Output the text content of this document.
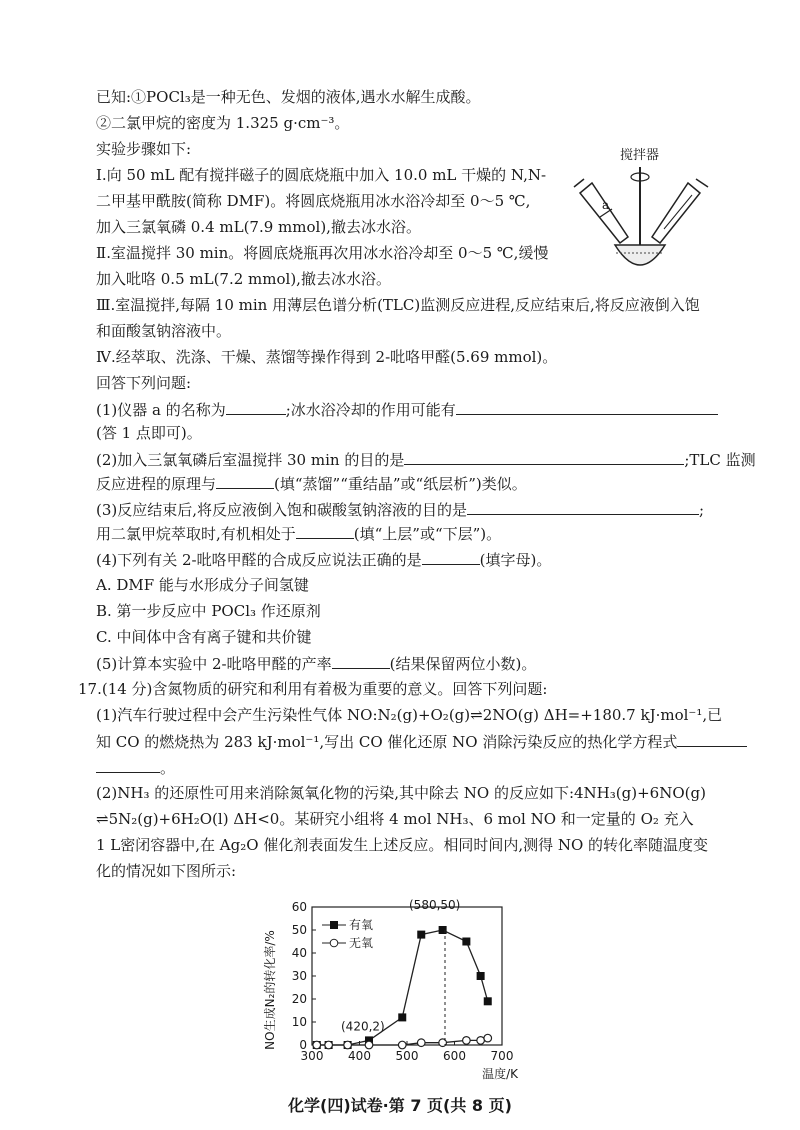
已知:①POCl₃是一种无色、发烟的液体,遇水水解生成酸。
②二氯甲烷的密度为 1.325 g·cm⁻³。
实验步骤如下:
Ⅰ.向 50 mL 配有搅拌磁子的圆底烧瓶中加入 10.0 mL 干燥的 N,N-
二甲基甲酰胺(简称 DMF)。将圆底烧瓶用冰水浴冷却至 0～5 ℃,
加入三氯氧磷 0.4 mL(7.9 mmol),撤去冰水浴。
Ⅱ.室温搅拌 30 min。将圆底烧瓶再次用冰水浴冷却至 0～5 ℃,缓慢
加入吡咯 0.5 mL(7.2 mmol),撤去冰水浴。
Ⅲ.室温搅拌,每隔 10 min 用薄层色谱分析(TLC)监测反应进程,反应结束后,将反应液倒入饱
和面酸氢钠溶液中。
Ⅳ.经萃取、洗涤、干燥、蒸馏等操作得到 2-吡咯甲醛(5.69 mmol)。
搅拌器
a
回答下列问题:
(1)仪器 a 的名称为	;冰水浴冷却的作用可能有
(答 1 点即可)。
(2)加入三氯氧磷后室温搅拌 30 min 的目的是	;TLC 监测
反应进程的原理与	(填“蒸馏”“重结晶”或“纸层析”)类似。
(3)反应结束后,将反应液倒入饱和碳酸氢钠溶液的目的是	;
用二氯甲烷萃取时,有机相处于	(填“上层”或“下层”)。
(4)下列有关 2-吡咯甲醛的合成反应说法正确的是	(填字母)。
A. DMF 能与水形成分子间氢键
B. 第一步反应中 POCl₃ 作还原剂
C. 中间体中含有离子键和共价键
(5)计算本实验中 2-吡咯甲醛的产率	(结果保留两位小数)。
17.(14 分)含氮物质的研究和利用有着极为重要的意义。回答下列问题:
(1)汽车行驶过程中会产生污染性气体 NO:N₂(g)+O₂(g)⇌2NO(g) ΔH=+180.7 kJ·mol⁻¹,已
知 CO 的燃烧热为 283 kJ·mol⁻¹,写出 CO 催化还原 NO 消除污染反应的热化学方程式
。
(2)NH₃ 的还原性可用来消除氮氧化物的污染,其中除去 NO 的反应如下:4NH₃(g)+6NO(g)
⇌5N₂(g)+6H₂O(l) ΔH<0。某研究小组将 4 mol NH₃、6 mol NO 和一定量的 O₂ 充入
1 L密闭容器中,在 Ag₂O 催化剂表面发生上述反应。相同时间内,测得 NO 的转化率随温度变
化的情况如下图所示:
300 400 500 600 700
0
10
20
30
40
50
60
有氧
无氧
(420,2)
(580,50)
NO生成N₂的转化率/%
温度/K
化学(四)试卷·第 7 页(共 8 页)
